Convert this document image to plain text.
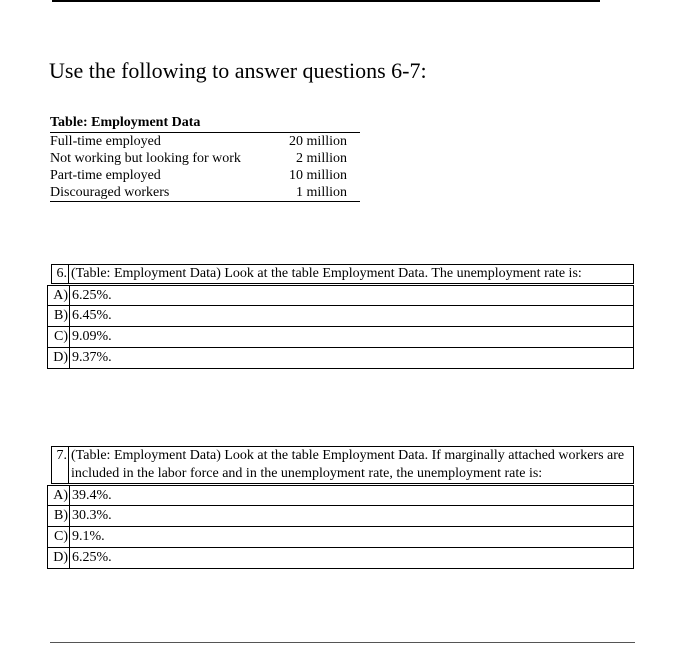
Use the following to answer questions 6-7:
Table: Employment Data
Full-time employed	20 million
Not working but looking for work	2 million
Part-time employed	10 million
Discouraged workers	1 million
6. (Table: Employment Data) Look at the table Employment Data. The unemployment rate is:
A) 6.25%.
B) 6.45%.
C) 9.09%.
D) 9.37%.
7. (Table: Employment Data) Look at the table Employment Data. If marginally attached workers are included in the labor force and in the unemployment rate, the unemployment rate is:
A) 39.4%.
B) 30.3%.
C) 9.1%.
D) 6.25%.
